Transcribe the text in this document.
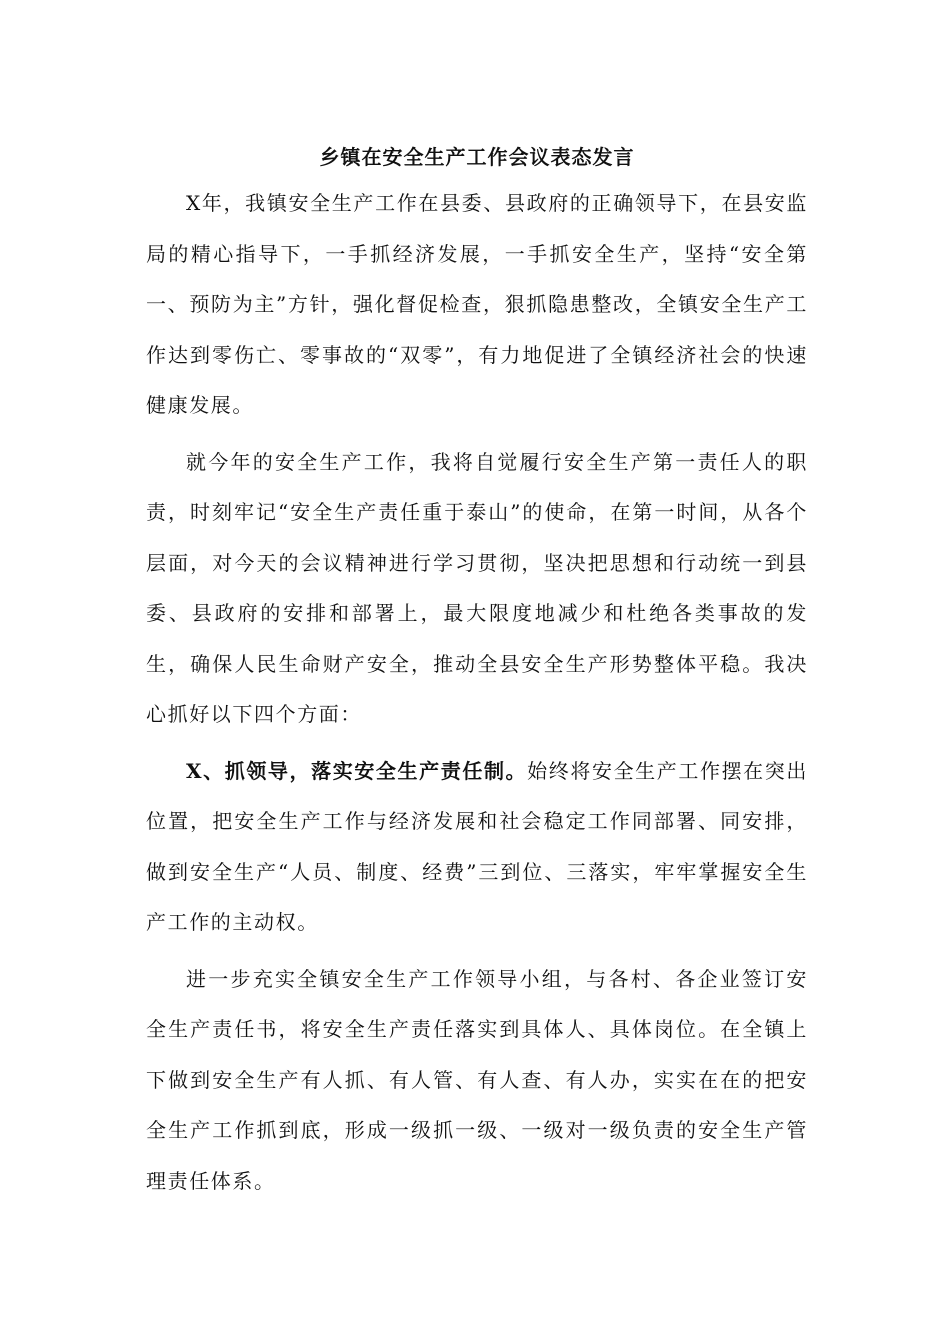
乡镇在安全生产工作会议表态发言

X年，我镇安全生产工作在县委、县政府的正确领导下，在县安监局的精心指导下，一手抓经济发展，一手抓安全生产，坚持“安全第一、预防为主”方针，强化督促检查，狠抓隐患整改，全镇安全生产工作达到零伤亡、零事故的“双零”，有力地促进了全镇经济社会的快速健康发展。

就今年的安全生产工作，我将自觉履行安全生产第一责任人的职责，时刻牢记“安全生产责任重于泰山”的使命，在第一时间，从各个层面，对今天的会议精神进行学习贯彻，坚决把思想和行动统一到县委、县政府的安排和部署上，最大限度地减少和杜绝各类事故的发生，确保人民生命财产安全，推动全县安全生产形势整体平稳。我决心抓好以下四个方面：

X、抓领导，落实安全生产责任制。始终将安全生产工作摆在突出位置，把安全生产工作与经济发展和社会稳定工作同部署、同安排，做到安全生产“人员、制度、经费”三到位、三落实，牢牢掌握安全生产工作的主动权。

进一步充实全镇安全生产工作领导小组，与各村、各企业签订安全生产责任书，将安全生产责任落实到具体人、具体岗位。在全镇上下做到安全生产有人抓、有人管、有人查、有人办，实实在在的把安全生产工作抓到底，形成一级抓一级、一级对一级负责的安全生产管理责任体系。
